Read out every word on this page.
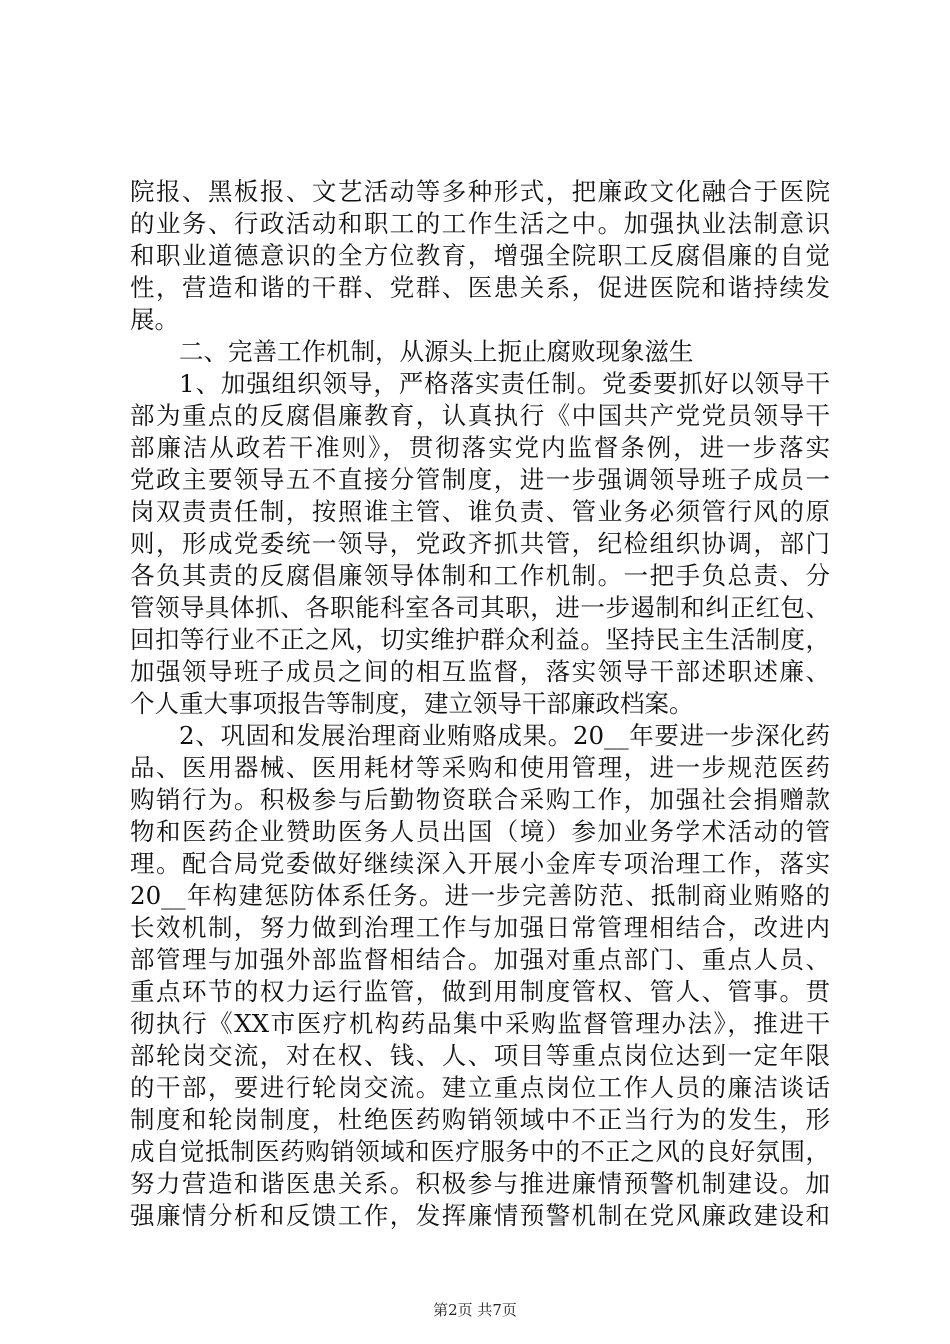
院报、黑板报、文艺活动等多种形式，把廉政文化融合于医院
的业务、行政活动和职工的工作生活之中。加强执业法制意识
和职业道德意识的全方位教育，增强全院职工反腐倡廉的自觉
性，营造和谐的干群、党群、医患关系，促进医院和谐持续发
展。
二、完善工作机制，从源头上扼止腐败现象滋生
1、加强组织领导，严格落实责任制。党委要抓好以领导干
部为重点的反腐倡廉教育，认真执行《中国共产党党员领导干
部廉洁从政若干准则》，贯彻落实党内监督条例，进一步落实
党政主要领导五不直接分管制度，进一步强调领导班子成员一
岗双责责任制，按照谁主管、谁负责、管业务必须管行风的原
则，形成党委统一领导，党政齐抓共管，纪检组织协调，部门
各负其责的反腐倡廉领导体制和工作机制。一把手负总责、分
管领导具体抓、各职能科室各司其职，进一步遏制和纠正红包、
回扣等行业不正之风，切实维护群众利益。坚持民主生活制度，
加强领导班子成员之间的相互监督，落实领导干部述职述廉、
个人重大事项报告等制度，建立领导干部廉政档案。
2、巩固和发展治理商业贿赂成果。20__年要进一步深化药
品、医用器械、医用耗材等采购和使用管理，进一步规范医药
购销行为。积极参与后勤物资联合采购工作，加强社会捐赠款
物和医药企业赞助医务人员出国（境）参加业务学术活动的管
理。配合局党委做好继续深入开展小金库专项治理工作，落实
20__年构建惩防体系任务。进一步完善防范、抵制商业贿赂的
长效机制，努力做到治理工作与加强日常管理相结合，改进内
部管理与加强外部监督相结合。加强对重点部门、重点人员、
重点环节的权力运行监管，做到用制度管权、管人、管事。贯
彻执行《XX市医疗机构药品集中采购监督管理办法》，推进干
部轮岗交流，对在权、钱、人、项目等重点岗位达到一定年限
的干部，要进行轮岗交流。建立重点岗位工作人员的廉洁谈话
制度和轮岗制度，杜绝医药购销领域中不正当行为的发生，形
成自觉抵制医药购销领域和医疗服务中的不正之风的良好氛围，
努力营造和谐医患关系。积极参与推进廉情预警机制建设。加
强廉情分析和反馈工作，发挥廉情预警机制在党风廉政建设和
第2页 共7页
